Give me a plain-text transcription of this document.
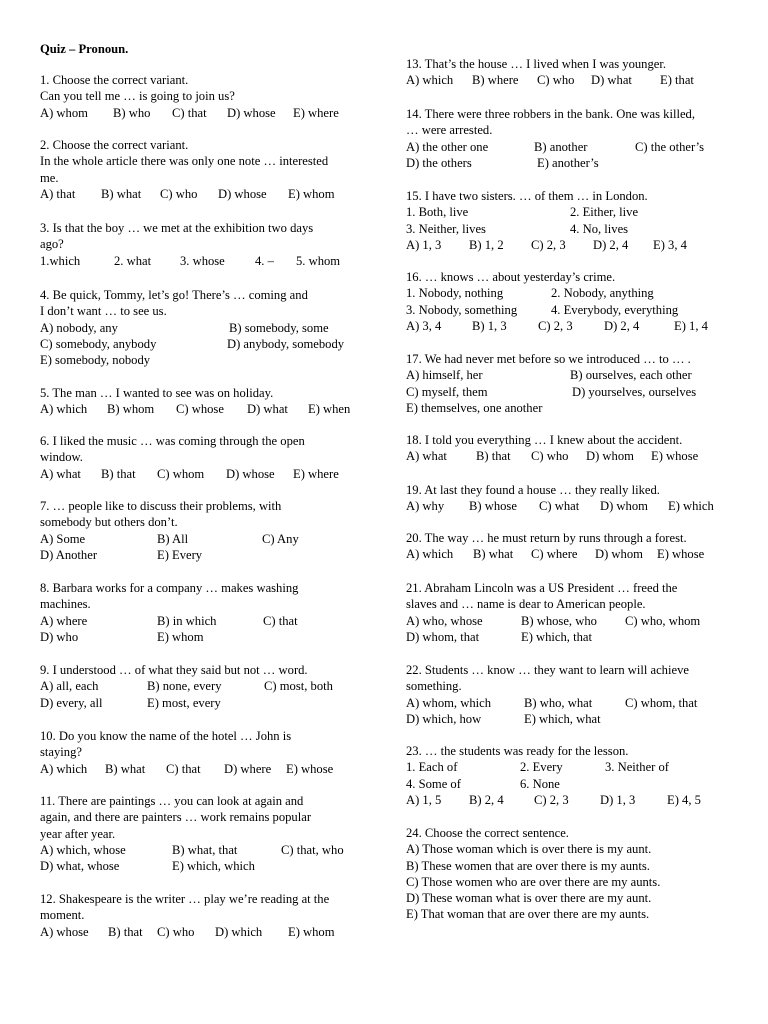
Quiz – Pronoun.
1. Choose the correct variant.
Can you tell me … is going to join us?
A) whom B) who C) that D) whose E) where
2. Choose the correct variant.
In the whole article there was only one note … interested
me.
A) that B) what C) who D) whose E) whom
3. Is that the boy … we met at the exhibition two days
ago?
1.which	2. what 3. whose 4. – 5. whom
4. Be quick, Tommy, let’s go! There’s … coming and
I don’t want … to see us.
A) nobody, any	B) somebody, some
C) somebody, anybody	D) anybody, somebody
E) somebody, nobody
5. The man … I wanted to see was on holiday.
A) which B) whom C) whose D) what E) when
6. I liked the music … was coming through the open
window.
A) what B) that C) whom D) whose E) where
7. … people like to discuss their problems, with
somebody but others don’t.
A) Some	B) All	C) Any
D) Another	E) Every
8. Barbara works for a company … makes washing
machines.
A) where	B) in which	C) that
D) who	E) whom
9. I understood … of what they said but not … word.
A) all, each	B) none, every	C) most, both
D) every, all	E) most, every
10. Do you know the name of the hotel … John is
staying?
A) which B) what C) that D) where E) whose
11. There are paintings … you can look at again and
again, and there are painters … work remains popular
year after year.
A) which, whose	B) what, that	C) that, who
D) what, whose	E) which, which
12. Shakespeare is the writer … play we’re reading at the
moment.
A) whose B) that C) who D) which E) whom
13. That’s the house … I lived when I was younger.
A) which B) where C) who D) what E) that
14. There were three robbers in the bank. One was killed,
… were arrested.
A) the other one	B) another	C) the other’s
D) the others	E) another’s
15. I have two sisters. … of them … in London.
1. Both, live	2. Either, live
3. Neither, lives	4. No, lives
A) 1, 3 B) 1, 2 C) 2, 3 D) 2, 4 E) 3, 4
16. … knows … about yesterday’s crime.
1. Nobody, nothing	2. Nobody, anything
3. Nobody, something	4. Everybody, everything
A) 3, 4 B) 1, 3 C) 2, 3 D) 2, 4	E) 1, 4
17. We had never met before so we introduced … to … .
A) himself, her	B) ourselves, each other
C) myself, them	D) yourselves, ourselves
E) themselves, one another
18. I told you everything … I knew about the accident.
A) what B) that C) who D) whom E) whose
19. At last they found a house … they really liked.
A) why B) whose C) what D) whom E) which
20. The way … he must return by runs through a forest.
A) which B) what C) where D) whom E) whose
21. Abraham Lincoln was a US President … freed the
slaves and … name is dear to American people.
A) who, whose	B) whose, who C) who, whom
D) whom, that	E) which, that
22. Students … know … they want to learn will achieve
something.
A) whom, which	B) who, what	C) whom, that
D) which, how	E) which, what
23. … the students was ready for the lesson.
1. Each of	2. Every	3. Neither of
4. Some of	6. None
A) 1, 5 B) 2, 4 C) 2, 3 D) 1, 3	E) 4, 5
24. Choose the correct sentence.
A) Those woman which is over there is my aunt.
B) These women that are over there is my aunts.
C) Those women who are over there are my aunts.
D) These woman what is over there are my aunt.
E) That woman that are over there are my aunts.
